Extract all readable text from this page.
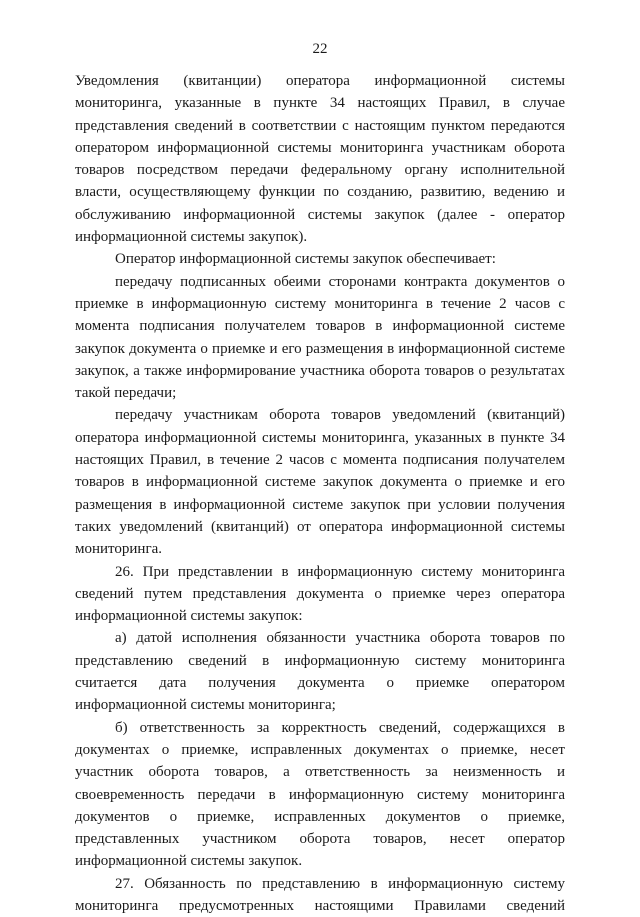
22

Уведомления (квитанции) оператора информационной системы мониторинга, указанные в пункте 34 настоящих Правил, в случае представления сведений в соответствии с настоящим пунктом передаются оператором информационной системы мониторинга участникам оборота товаров посредством передачи федеральному органу исполнительной власти, осуществляющему функции по созданию, развитию, ведению и обслуживанию информационной системы закупок (далее - оператор информационной системы закупок).

Оператор информационной системы закупок обеспечивает:

передачу подписанных обеими сторонами контракта документов о приемке в информационную систему мониторинга в течение 2 часов с момента подписания получателем товаров в информационной системе закупок документа о приемке и его размещения в информационной системе закупок, а также информирование участника оборота товаров о результатах такой передачи;

передачу участникам оборота товаров уведомлений (квитанций) оператора информационной системы мониторинга, указанных в пункте 34 настоящих Правил, в течение 2 часов с момента подписания получателем товаров в информационной системе закупок документа о приемке и его размещения в информационной системе закупок при условии получения таких уведомлений (квитанций) от оператора информационной системы мониторинга.

26. При представлении в информационную систему мониторинга сведений путем представления документа о приемке через оператора информационной системы закупок:

а) датой исполнения обязанности участника оборота товаров по представлению сведений в информационную систему мониторинга считается дата получения документа о приемке оператором информационной системы мониторинга;

б) ответственность за корректность сведений, содержащихся в документах о приемке, исправленных документах о приемке, несет участник оборота товаров, а ответственность за неизменность и своевременность передачи в информационную систему мониторинга документов о приемке, исправленных документов о приемке, представленных участником оборота товаров, несет оператор информационной системы закупок.

27. Обязанность по представлению в информационную систему мониторинга предусмотренных настоящими Правилами сведений
